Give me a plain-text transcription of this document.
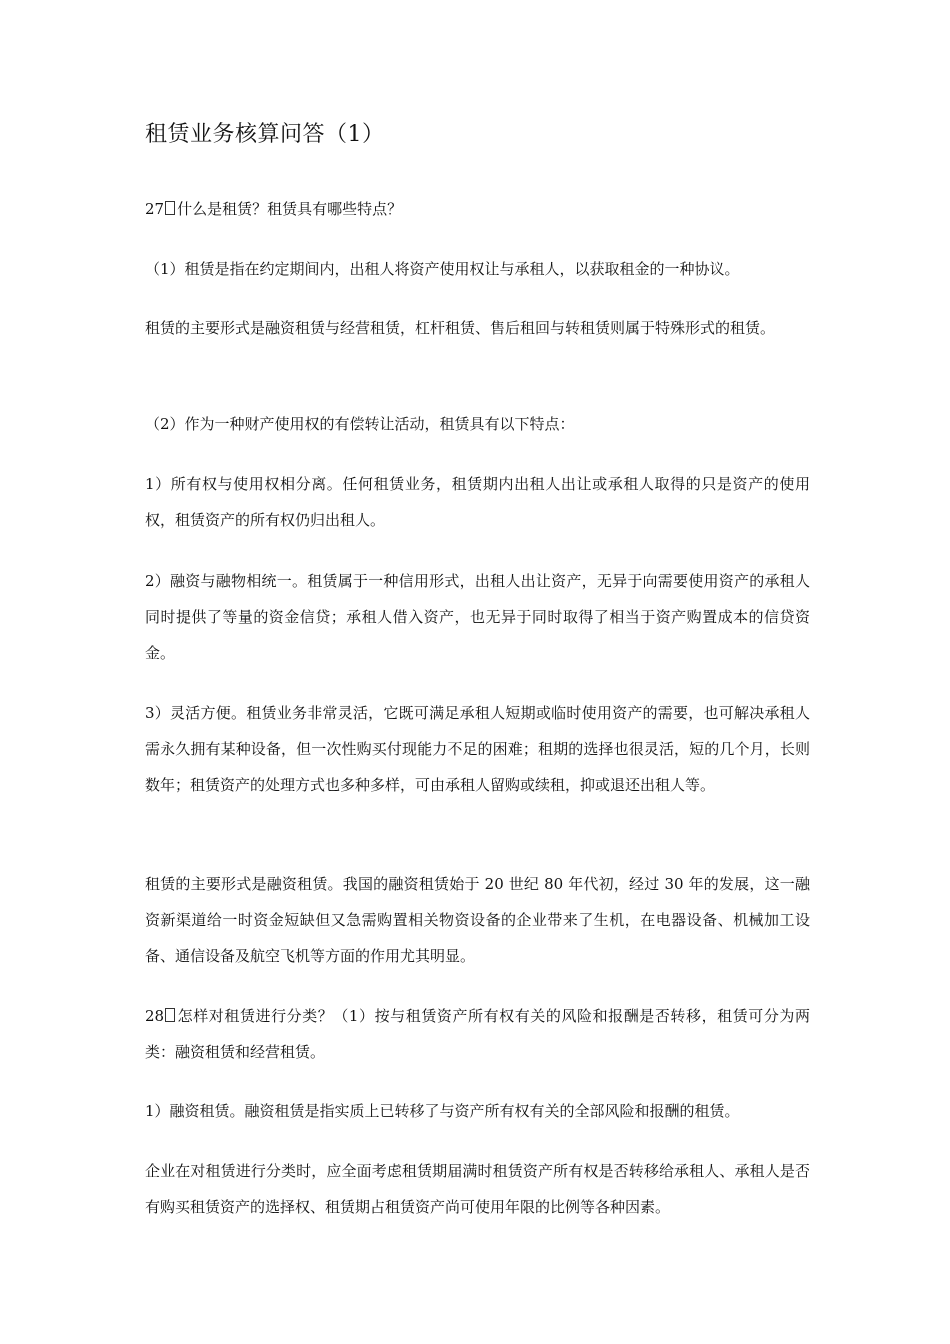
租赁业务核算问答（1）

27 什么是租赁？租赁具有哪些特点？

（1）租赁是指在约定期间内，出租人将资产使用权让与承租人，以获取租金的一种协议。

租赁的主要形式是融资租赁与经营租赁，杠杆租赁、售后租回与转租赁则属于特殊形式的租赁。

（2）作为一种财产使用权的有偿转让活动，租赁具有以下特点：

1）所有权与使用权相分离。任何租赁业务，租赁期内出租人出让或承租人取得的只是资产的使用权，租赁资产的所有权仍归出租人。

2）融资与融物相统一。租赁属于一种信用形式，出租人出让资产，无异于向需要使用资产的承租人同时提供了等量的资金信贷；承租人借入资产，也无异于同时取得了相当于资产购置成本的信贷资金。

3）灵活方便。租赁业务非常灵活，它既可满足承租人短期或临时使用资产的需要，也可解决承租人需永久拥有某种设备，但一次性购买付现能力不足的困难；租期的选择也很灵活，短的几个月，长则数年；租赁资产的处理方式也多种多样，可由承租人留购或续租，抑或退还出租人等。

租赁的主要形式是融资租赁。我国的融资租赁始于 20 世纪 80 年代初，经过 30 年的发展，这一融资新渠道给一时资金短缺但又急需购置相关物资设备的企业带来了生机，在电器设备、机械加工设备、通信设备及航空飞机等方面的作用尤其明显。

28 怎样对租赁进行分类？（1）按与租赁资产所有权有关的风险和报酬是否转移，租赁可分为两类：融资租赁和经营租赁。

1）融资租赁。融资租赁是指实质上已转移了与资产所有权有关的全部风险和报酬的租赁。

企业在对租赁进行分类时，应全面考虑租赁期届满时租赁资产所有权是否转移给承租人、承租人是否有购买租赁资产的选择权、租赁期占租赁资产尚可使用年限的比例等各种因素。
